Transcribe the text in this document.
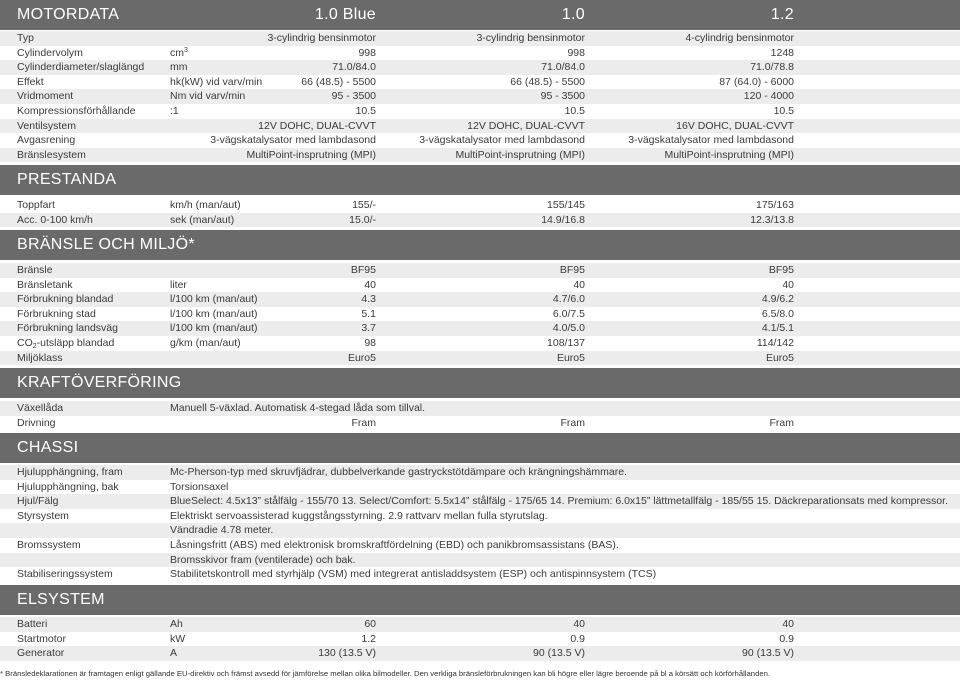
MOTORDATA	1.0 Blue	1.0	1.2
Typ	3-cylindrig bensinmotor	3-cylindrig bensinmotor	4-cylindrig bensinmotor
Cylindervolym	$cm^3$	998	998	1248
Cylinderdiameter/slaglängd mm	71.0/84.0	71.0/84.0	71.0/78.8
Effekt	hk(kW) vid varv/min	66 (48.5) - 5500	66 (48.5) - 5500	87 (64.0) - 6000
Vridmoment	Nm vid varv/min	95 - 3500	95 - 3500	120 - 4000
Kompressionsförhållande	:1	10.5	10.5	10.5
Ventilsystem	12V DOHC, DUAL-CVVT	12V DOHC, DUAL-CVVT	16V DOHC, DUAL-CVVT
Avgasrening	3-vägskatalysator med lambdasond	3-vägskatalysator med lambdasond	3-vägskatalysator med lambdasond
Bränslesystem	MultiPoint-insprutning (MPI)	MultiPoint-insprutning (MPI)	MultiPoint-insprutning (MPI)
PRESTANDA
Toppfart	km/h (man/aut)	155/-	155/145	175/163
Acc. 0-100 km/h	sek (man/aut)	15.0/-	14.9/16.8	12.3/13.8
BRÄNSLE OCH MILJÖ*
Bränsle	BF95	BF95	BF95
Bränsletank	liter	40	40	40
Förbrukning blandad	l/100 km (man/aut)	4.3	4.7/6.0	4.9/6.2
Förbrukning stad	l/100 km (man/aut)	5.1	6.0/7.5	6.5/8.0
Förbrukning landsväg	l/100 km (man/aut)	3.7	4.0/5.0	4.1/5.1
$CO_2$-utsläpp blandad	g/km (man/aut)	98	108/137	114/142
Miljöklass	Euro5	Euro5	Euro5
KRAFTÖVERFÖRING
Växellåda	Manuell 5-växlad. Automatisk 4-stegad låda som tillval.
Drivning	Fram	Fram	Fram
CHASSI
Hjulupphängning, fram	Mc-Pherson-typ med skruvfjädrar, dubbelverkande gastryckstötdämpare och krängningshämmare.
Hjulupphängning, bak	Torsionsaxel
Hjul/Fälg	BlueSelect: 4.5x13” stålfälg - 155/70 13. Select/Comfort: 5.5x14” stålfälg - 175/65 14. Premium: 6.0x15” lättmetallfälg - 185/55 15. Däckreparationsats med kompressor.
Styrsystem	Elektriskt servoassisterad kuggstångsstyrning. 2.9 rattvarv mellan fulla styrutslag.
Vändradie 4.78 meter.
Bromssystem	Låsningsfritt (ABS) med elektronisk bromskraftfördelning (EBD) och panikbromsassistans (BAS).
Bromsskivor fram (ventilerade) och bak.
Stabiliseringssystem	Stabilitetskontroll med styrhjälp (VSM) med integrerat antisladdsystem (ESP) och antispinnsystem (TCS)
ELSYSTEM
Batteri	Ah	60	40	40
Startmotor	kW	1.2	0.9	0.9
Generator	A	130 (13.5 V)	90 (13.5 V)	90 (13.5 V)
* Bränsledeklarationen är framtagen enligt gällande EU-direktiv och främst avsedd för jämförelse mellan olika bilmodeller. Den verkliga bränsleförbrukningen kan bli högre eller lägre beroende på bl a körsätt och körförhållanden.
